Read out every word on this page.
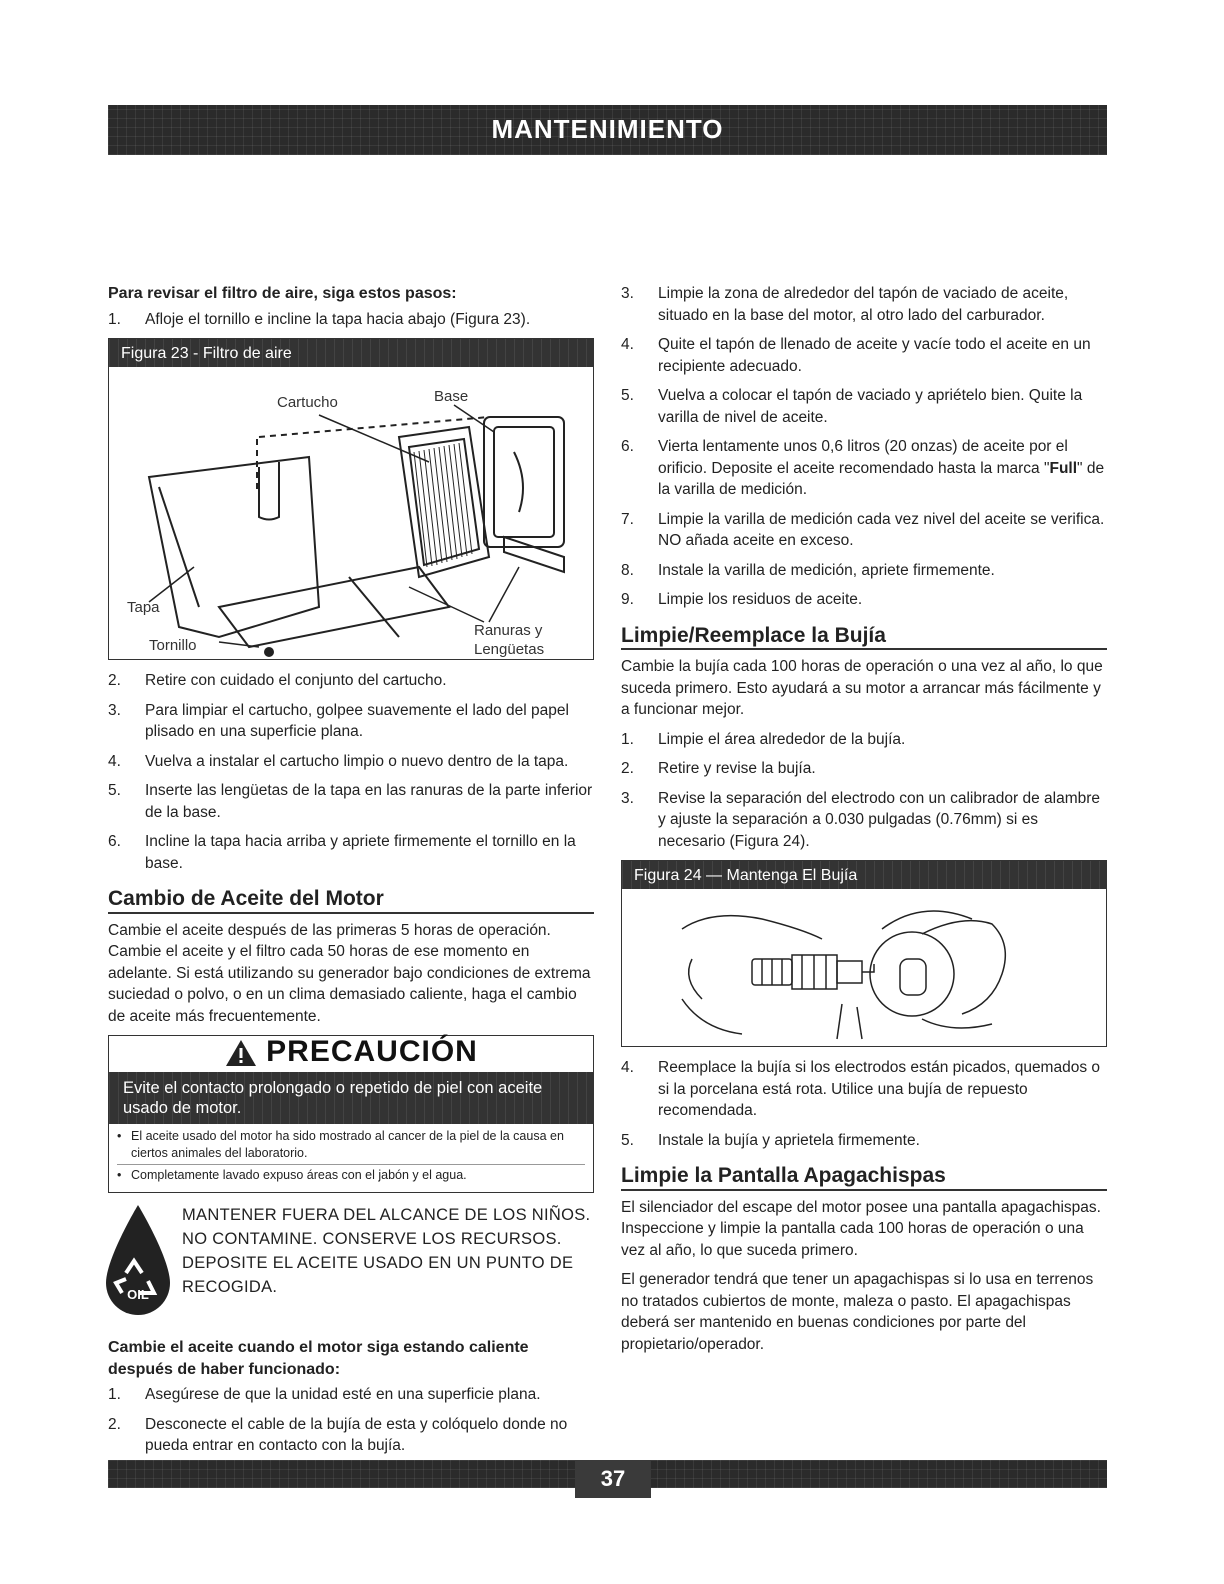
MANTENIMIENTO

Para revisar el filtro de aire, siga estos pasos:

1. Afloje el tornillo e incline la tapa hacia abajo (Figura 23).
Figura 23 - Filtro de aire
Cartucho	Base
Tapa
Tornillo
Ranuras y
Lengüetas
2. Retire con cuidado el conjunto del cartucho.
3. Para limpiar el cartucho, golpee suavemente el lado del papel plisado en una superficie plana.
4. Vuelva a instalar el cartucho limpio o nuevo dentro de la tapa.
5. Inserte las lengüetas de la tapa en las ranuras de la parte inferior de la base.
6. Incline la tapa hacia arriba y apriete firmemente el tornillo en la base.
Cambio de Aceite del Motor

Cambie el aceite después de las primeras 5 horas de operación. Cambie el aceite y el filtro cada 50 horas de ese momento en adelante. Si está utilizando su generador bajo condiciones de extrema suciedad o polvo, o en un clima demasiado caliente, haga el cambio de aceite más frecuentemente.

PRECAUCIÓN
Evite el contacto prolongado o repetido de piel con aceite usado de motor.
• El aceite usado del motor ha sido mostrado al cancer de la piel de la causa en ciertos animales del laboratorio.
• Completamente lavado expuso áreas con el jabón y el agua.
OIL
MANTENER FUERA DEL ALCANCE DE LOS NIÑOS.
NO CONTAMINE. CONSERVE LOS RECURSOS.
DEPOSITE EL ACEITE USADO EN UN PUNTO DE
RECOGIDA.

Cambie el aceite cuando el motor siga estando caliente después de haber funcionado:

1. Asegúrese de que la unidad esté en una superficie plana.
2. Desconecte el cable de la bujía de esta y colóquelo donde no pueda entrar en contacto con la bujía.
3. Limpie la zona de alrededor del tapón de vaciado de aceite, situado en la base del motor, al otro lado del carburador.
4. Quite el tapón de llenado de aceite y vacíe todo el aceite en un recipiente adecuado.
5. Vuelva a colocar el tapón de vaciado y apriételo bien. Quite la varilla de nivel de aceite.
6. Vierta lentamente unos 0,6 litros (20 onzas) de aceite por el orificio. Deposite el aceite recomendado hasta la marca "Full" de la varilla de medición.
7. Limpie la varilla de medición cada vez nivel del aceite se verifica. NO añada aceite en exceso.
8. Instale la varilla de medición, apriete firmemente.
9. Limpie los residuos de aceite.
Limpie/Reemplace la Bujía

Cambie la bujía cada 100 horas de operación o una vez al año, lo que suceda primero. Esto ayudará a su motor a arrancar más fácilmente y a funcionar mejor.

1. Limpie el área alrededor de la bujía.
2. Retire y revise la bujía.
3. Revise la separación del electrodo con un calibrador de alambre y ajuste la separación a 0.030 pulgadas (0.76mm) si es necesario (Figura 24).
Figura 24 — Mantenga El Bujía
4. Reemplace la bujía si los electrodos están picados, quemados o si la porcelana está rota. Utilice una bujía de repuesto recomendada.
5. Instale la bujía y aprietela firmemente.
Limpie la Pantalla Apagachispas

El silenciador del escape del motor posee una pantalla apagachispas. Inspeccione y limpie la pantalla cada 100 horas de operación o una vez al año, lo que suceda primero.

El generador tendrá que tener un apagachispas si lo usa en terrenos no tratados cubiertos de monte, maleza o pasto. El apagachispas deberá ser mantenido en buenas condiciones por parte del propietario/operador.

37
